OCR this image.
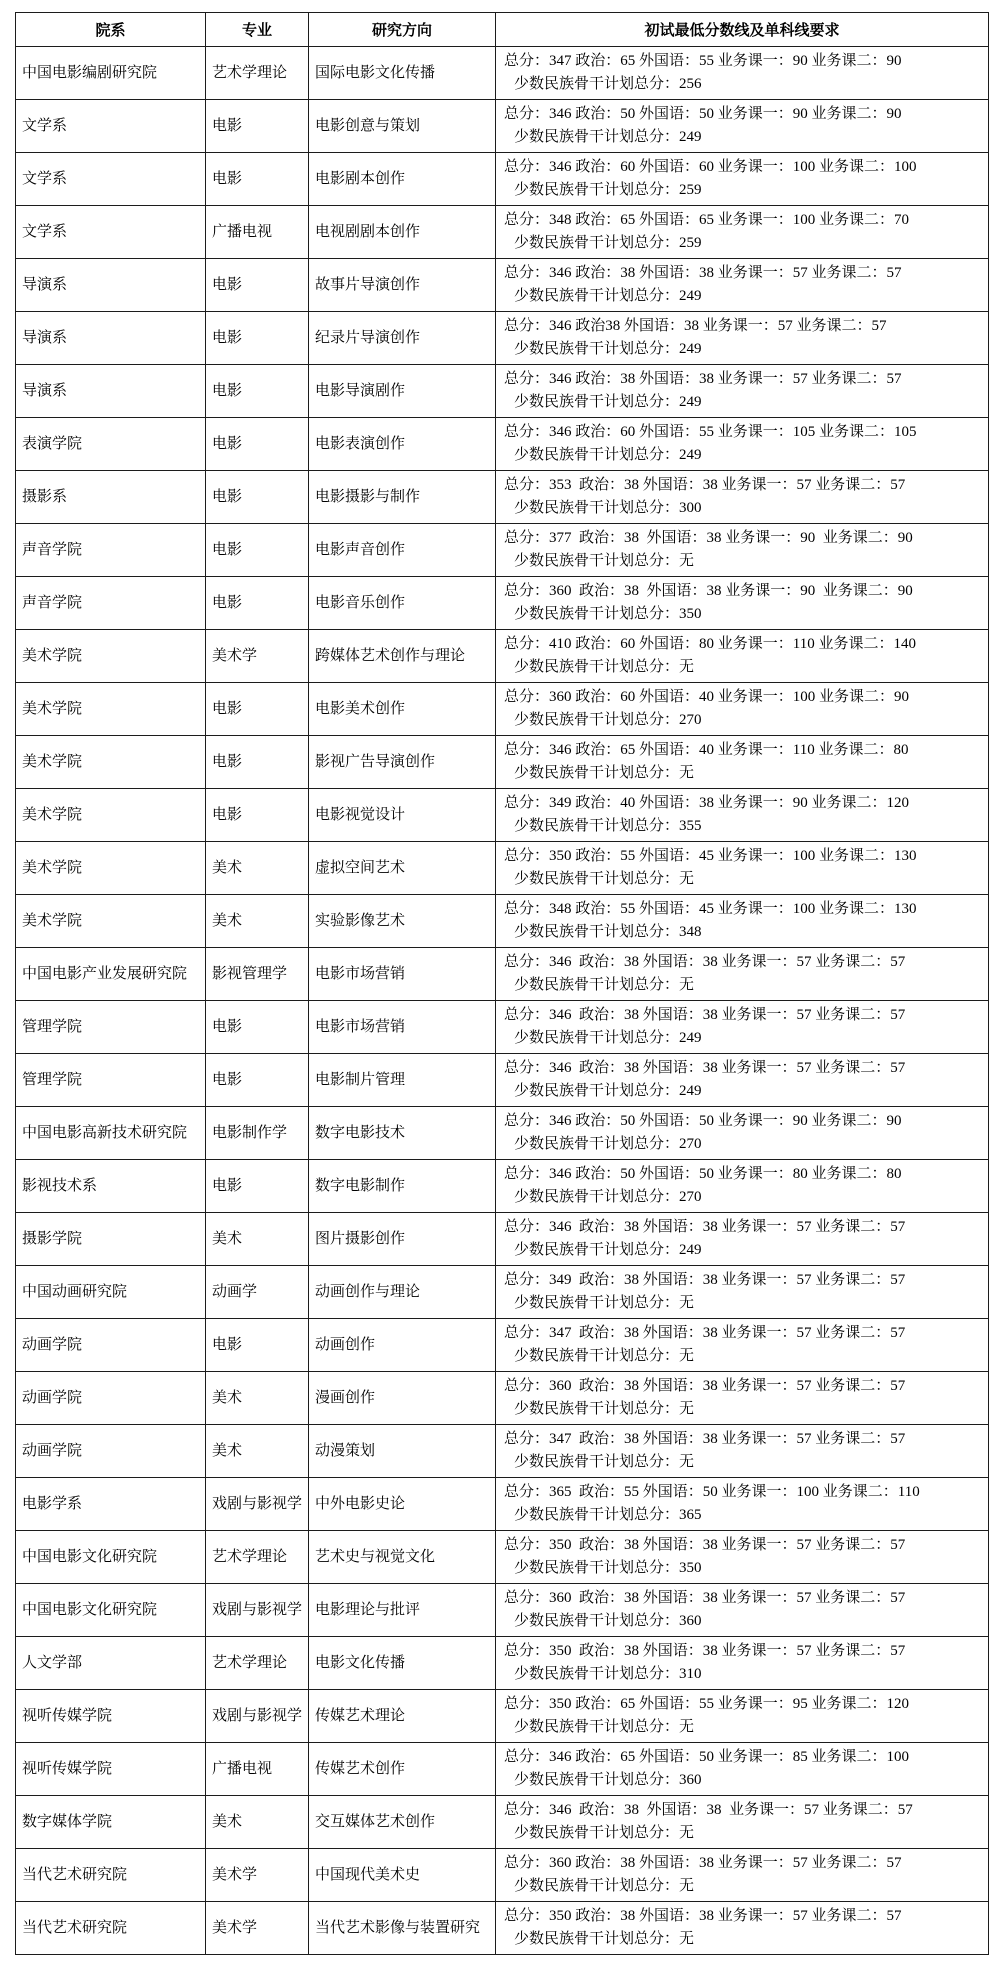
院系	专业	研究方向	初试最低分数线及单科线要求
中国电影编剧研究院	艺术学理论	国际电影文化传播	总分：347 政治：65 外国语：55 业务课一：90 业务课二：90
少数民族骨干计划总分：256

文学系	电影	电影创意与策划	总分：346 政治：50 外国语：50 业务课一：90 业务课二：90
少数民族骨干计划总分：249

文学系	电影	电影剧本创作	总分：346 政治：60 外国语：60 业务课一：100 业务课二：100
少数民族骨干计划总分：259

文学系	广播电视	电视剧剧本创作	总分：348 政治：65 外国语：65 业务课一：100 业务课二：70
少数民族骨干计划总分：259

导演系	电影	故事片导演创作	总分：346 政治：38 外国语：38 业务课一：57 业务课二：57
少数民族骨干计划总分：249

导演系	电影	纪录片导演创作	总分：346 政治38 外国语：38 业务课一：57 业务课二：57
少数民族骨干计划总分：249

导演系	电影	电影导演剧作	总分：346 政治：38 外国语：38 业务课一：57 业务课二：57
少数民族骨干计划总分：249

表演学院	电影	电影表演创作	总分：346 政治：60 外国语：55 业务课一：105 业务课二：105
少数民族骨干计划总分：249

摄影系	电影	电影摄影与制作	总分：353  政治：38 外国语：38 业务课一：57 业务课二：57
少数民族骨干计划总分：300

声音学院	电影	电影声音创作	总分：377  政治：38  外国语：38 业务课一：90  业务课二：90
少数民族骨干计划总分：无

声音学院	电影	电影音乐创作	总分：360  政治：38  外国语：38 业务课一：90  业务课二：90
少数民族骨干计划总分：350

美术学院	美术学	跨媒体艺术创作与理论	总分：410 政治：60 外国语：80 业务课一：110 业务课二：140
少数民族骨干计划总分：无

美术学院	电影	电影美术创作	总分：360 政治：60 外国语：40 业务课一：100 业务课二：90
少数民族骨干计划总分：270

美术学院	电影	影视广告导演创作	总分：346 政治：65 外国语：40 业务课一：110 业务课二：80
少数民族骨干计划总分：无

美术学院	电影	电影视觉设计	总分：349 政治：40 外国语：38 业务课一：90 业务课二：120
少数民族骨干计划总分：355

美术学院	美术	虚拟空间艺术	总分：350 政治：55 外国语：45 业务课一：100 业务课二：130
少数民族骨干计划总分：无

美术学院	美术	实验影像艺术	总分：348 政治：55 外国语：45 业务课一：100 业务课二：130
少数民族骨干计划总分：348

中国电影产业发展研究院	影视管理学	电影市场营销	总分：346  政治：38 外国语：38 业务课一：57 业务课二：57
少数民族骨干计划总分：无

管理学院	电影	电影市场营销	总分：346  政治：38 外国语：38 业务课一：57 业务课二：57
少数民族骨干计划总分：249

管理学院	电影	电影制片管理	总分：346  政治：38 外国语：38 业务课一：57 业务课二：57
少数民族骨干计划总分：249

中国电影高新技术研究院	电影制作学	数字电影技术	总分：346 政治：50 外国语：50 业务课一：90 业务课二：90
少数民族骨干计划总分：270

影视技术系	电影	数字电影制作	总分：346 政治：50 外国语：50 业务课一：80 业务课二：80
少数民族骨干计划总分：270

摄影学院	美术	图片摄影创作	总分：346  政治：38 外国语：38 业务课一：57 业务课二：57
少数民族骨干计划总分：249

中国动画研究院	动画学	动画创作与理论	总分：349  政治：38 外国语：38 业务课一：57 业务课二：57
少数民族骨干计划总分：无

动画学院	电影	动画创作	总分：347  政治：38 外国语：38 业务课一：57 业务课二：57
少数民族骨干计划总分：无

动画学院	美术	漫画创作	总分：360  政治：38 外国语：38 业务课一：57 业务课二：57
少数民族骨干计划总分：无

动画学院	美术	动漫策划	总分：347  政治：38 外国语：38 业务课一：57 业务课二：57
少数民族骨干计划总分：无

电影学系	戏剧与影视学	中外电影史论	总分：365  政治：55 外国语：50 业务课一：100 业务课二：110
少数民族骨干计划总分：365

中国电影文化研究院	艺术学理论	艺术史与视觉文化	总分：350  政治：38 外国语：38 业务课一：57 业务课二：57
少数民族骨干计划总分：350

中国电影文化研究院	戏剧与影视学	电影理论与批评	总分：360  政治：38 外国语：38 业务课一：57 业务课二：57
少数民族骨干计划总分：360

人文学部	艺术学理论	电影文化传播	总分：350  政治：38 外国语：38 业务课一：57 业务课二：57
少数民族骨干计划总分：310

视听传媒学院	戏剧与影视学	传媒艺术理论	总分：350 政治：65 外国语：55 业务课一：95 业务课二：120
少数民族骨干计划总分：无

视听传媒学院	广播电视	传媒艺术创作	总分：346 政治：65 外国语：50 业务课一：85 业务课二：100
少数民族骨干计划总分：360

数字媒体学院	美术	交互媒体艺术创作	总分：346  政治：38  外国语：38  业务课一：57 业务课二：57
少数民族骨干计划总分：无

当代艺术研究院	美术学	中国现代美术史	总分：360 政治：38 外国语：38 业务课一：57 业务课二：57
少数民族骨干计划总分：无

当代艺术研究院	美术学	当代艺术影像与装置研究	总分：350 政治：38 外国语：38 业务课一：57 业务课二：57
少数民族骨干计划总分：无
